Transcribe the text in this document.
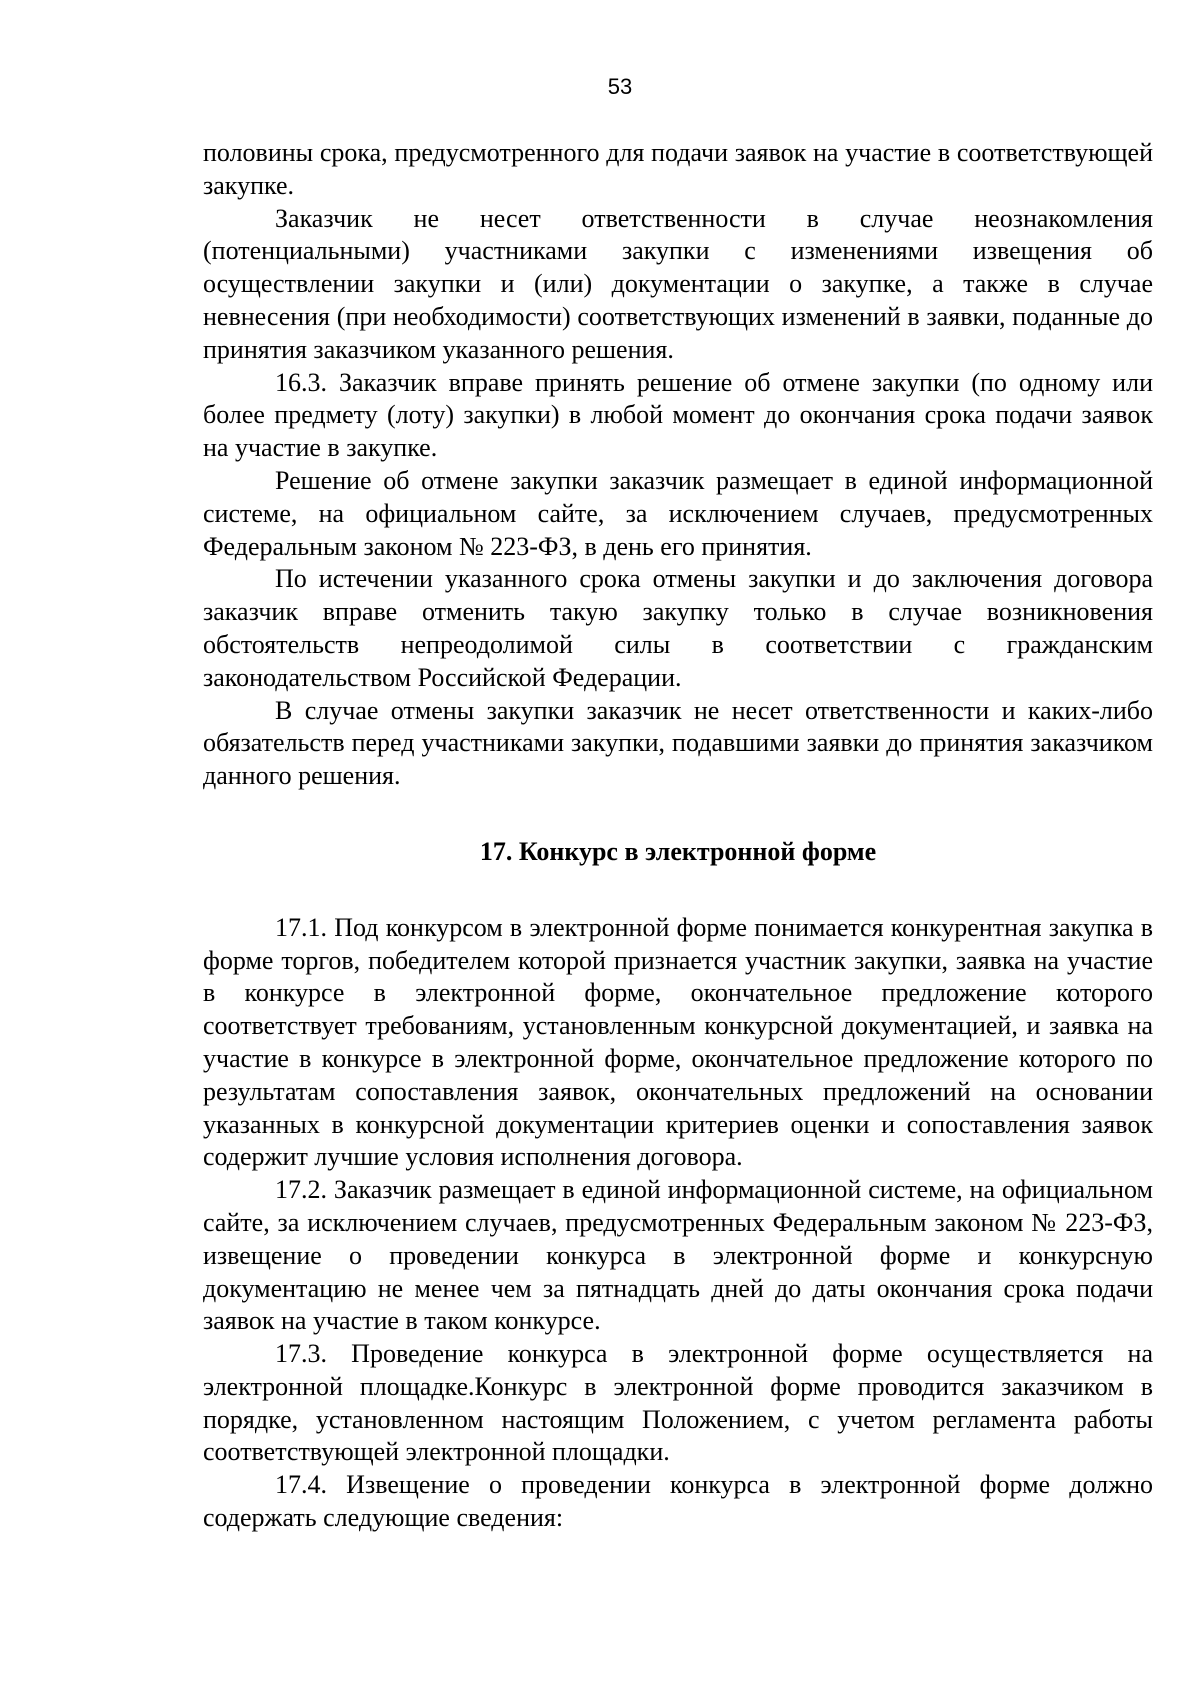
53

половины срока, предусмотренного для подачи заявок на участие в соответствующей закупке.

Заказчик не несет ответственности в случае неознакомления (потенциальными) участниками закупки с изменениями извещения об осуществлении закупки и (или) документации о закупке, а также в случае невнесения (при необходимости) соответствующих изменений в заявки, поданные до принятия заказчиком указанного решения.

16.3. Заказчик вправе принять решение об отмене закупки (по одному или более предмету (лоту) закупки) в любой момент до окончания срока подачи заявок на участие в закупке.

Решение об отмене закупки заказчик размещает в единой информационной системе, на официальном сайте, за исключением случаев, предусмотренных Федеральным законом № 223-ФЗ, в день его принятия.

По истечении указанного срока отмены закупки и до заключения договора заказчик вправе отменить такую закупку только в случае возникновения обстоятельств непреодолимой силы в соответствии с гражданским законодательством Российской Федерации.

В случае отмены закупки заказчик не несет ответственности и каких-либо обязательств перед участниками закупки, подавшими заявки до принятия заказчиком данного решения.

17. Конкурс в электронной форме

17.1. Под конкурсом в электронной форме понимается конкурентная закупка в форме торгов, победителем которой признается участник закупки, заявка на участие в конкурсе в электронной форме, окончательное предложение которого соответствует требованиям, установленным конкурсной документацией, и заявка на участие в конкурсе в электронной форме, окончательное предложение которого по результатам сопоставления заявок, окончательных предложений на основании указанных в конкурсной документации критериев оценки и сопоставления заявок содержит лучшие условия исполнения договора.

17.2. Заказчик размещает в единой информационной системе, на официальном сайте, за исключением случаев, предусмотренных Федеральным законом № 223-ФЗ, извещение о проведении конкурса в электронной форме и конкурсную документацию не менее чем за пятнадцать дней до даты окончания срока подачи заявок на участие в таком конкурсе.

17.3. Проведение конкурса в электронной форме осуществляется на электронной площадке.Конкурс в электронной форме проводится заказчиком в порядке, установленном настоящим Положением, с учетом регламента работы соответствующей электронной площадки.

17.4. Извещение о проведении конкурса в электронной форме должно содержать следующие сведения:
